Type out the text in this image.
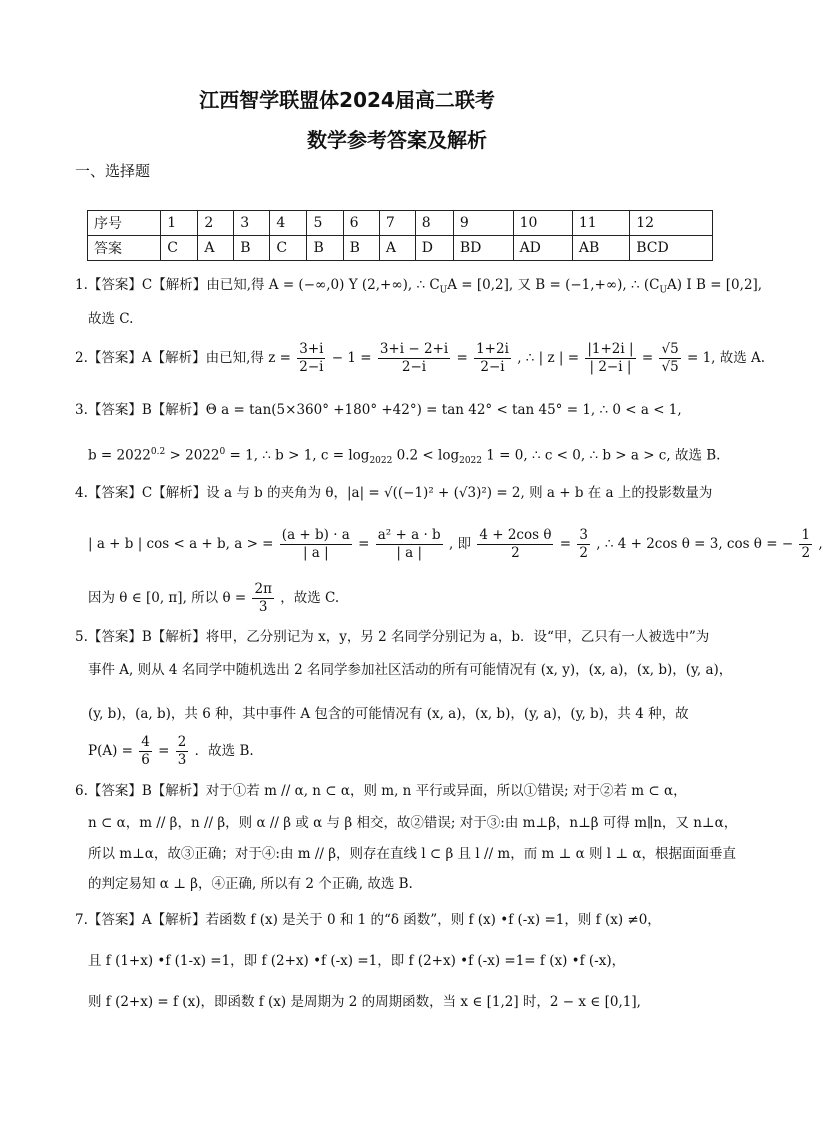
江西智学联盟体2024届高二联考
数学参考答案及解析
一、选择题
序号	1	2	3	4	5	6	7	8	9	10	11	12
答案	C	A	B	C	B	B	A	D	BD	AD	AB	BCD
1.【答案】C【解析】由已知,得 A = (−∞,0) Y (2,+∞), ∴ $C_UA = [0,2]$, 又 B = (−1,+∞), ∴ $(C_UA)$ I B = [0,2],
故选 C.
2.【答案】A【解析】由已知,得 $z = \frac{3+i}{2-i} - 1 = \frac{3+i - 2+i}{2-i} = \frac{1+2i}{2-i}$ , ∴ | z | = $\frac{|1+2i |}{| 2-i |} = \frac{√5}{√5} = 1$, 故选 A.
3.【答案】B【解析】Θ a = tan(5×360° +180° +42°) = tan 42° < tan 45° = 1, ∴ 0 < a < 1,
$b = 2022^{0.2} > 2022^0 = 1$, ∴ b > 1, $c = \log_{2022} 0.2 < \log_{2022} 1 = 0$, ∴ c < 0, ∴ b > a > c, 故选 B.
4.【答案】C【解析】设 a 与 b 的夹角为 θ，|a| = √((−1)² + (√3)²) = 2, 则 a + b 在 a 上的投影数量为
| a + b | cos < a + b, a > = $\frac{(a + b) \cdot a}{| a |} = \frac{\text{a² + a · b}}{| a |}$ , 即 $\frac{\text{4 + 2cos θ}}{2} = \frac{3}{2}$ , ∴ 4 + 2cos θ = 3, cos θ = − $\frac{1}{2}$ ,
因为 θ ∈ [0, π], 所以 $\theta = \frac{2\pi}{3}$ ，故选 C.
5.【答案】B【解析】将甲，乙分别记为 x，y，另 2 名同学分别记为 a，b．设“甲，乙只有一人被选中”为
事件 A, 则从 4 名同学中随机选出 2 名同学参加社区活动的所有可能情况有 (x, y)，(x, a)，(x, b)，(y, a)，
(y, b)，(a, b)，共 6 种，其中事件 A 包含的可能情况有 (x, a)，(x, b)，(y, a)，(y, b)，共 4 种，故
$P(A) = \frac{4}{6} = \frac{2}{3}$ ．故选 B.
6.【答案】B【解析】对于①若 m // α, n ⊂ α，则 m, n 平行或异面，所以①错误; 对于②若 m ⊂ α，
n ⊂ α，m // β，n // β，则 α // β 或 α 与 β 相交，故②错误; 对于③:由 m⊥β，n⊥β 可得 m∥n，又 n⊥α，
所以 m⊥α，故③正确；对于④:由 m // β，则存在直线 l ⊂ β 且 l // m，而 m ⊥ α 则 l ⊥ α，根据面面垂直
的判定易知 α ⊥ β，④正确, 所以有 2 个正确, 故选 B.
7.【答案】A【解析】若函数 f (x) 是关于 0 和 1 的“δ 函数”，则 f (x) •f (-x) =1，则 f (x) ≠0，
且 f (1+x) •f (1-x) =1，即 f (2+x) •f (-x) =1，即 f (2+x) •f (-x) =1= f (x) •f (-x)，
则 f (2+x) = f (x)，即函数 f (x) 是周期为 2 的周期函数，当 x ∈ [1,2] 时，2 − x ∈ [0,1],
